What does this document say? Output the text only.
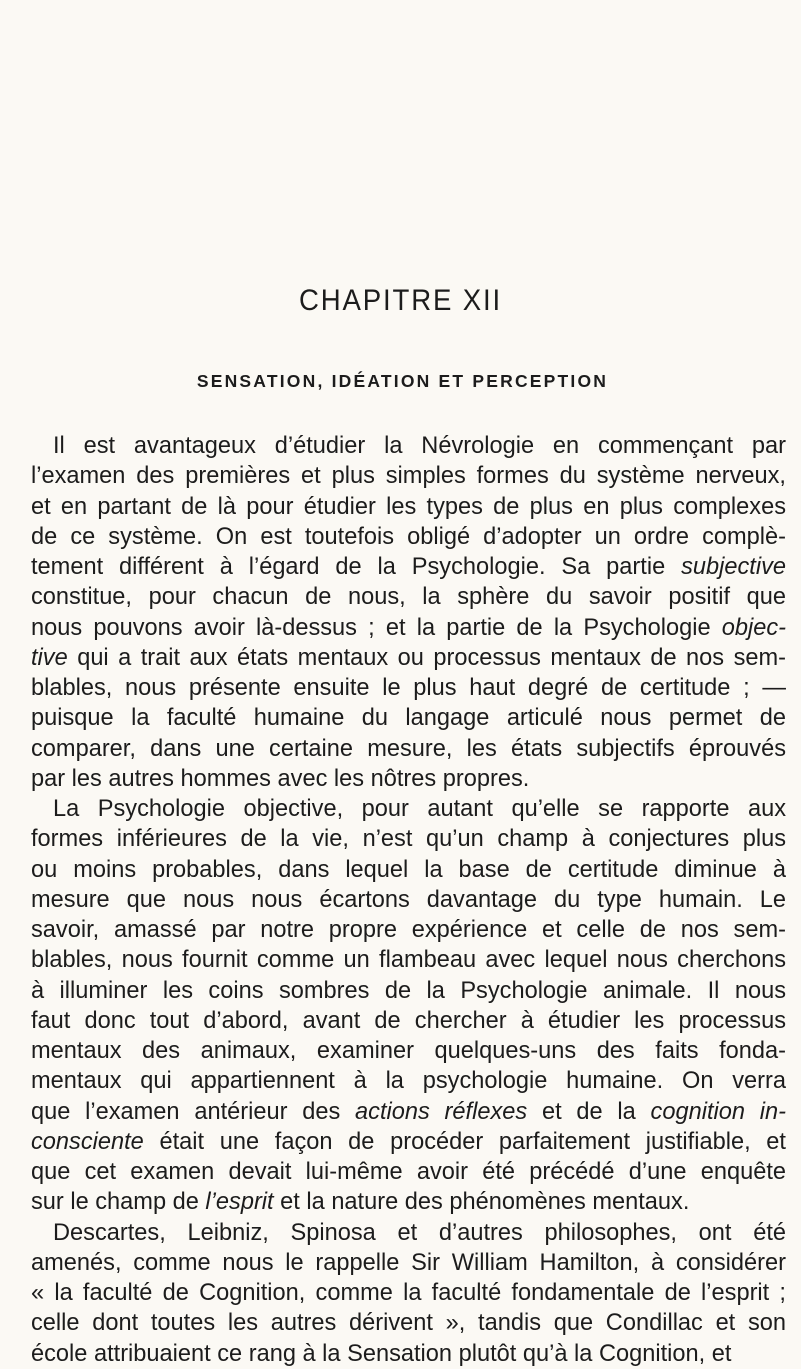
CHAPITRE XII
SENSATION, IDÉATION ET PERCEPTION
Il est avantageux d’étudier la Névrologie en commençant par
l’examen des premières et plus simples formes du système nerveux,
et en partant de là pour étudier les types de plus en plus complexes
de ce système. On est toutefois obligé d’adopter un ordre complè-
tement différent à l’égard de la Psychologie. Sa partie subjective
constitue, pour chacun de nous, la sphère du savoir positif que
nous pouvons avoir là-dessus ; et la partie de la Psychologie objec-
tive qui a trait aux états mentaux ou processus mentaux de nos sem-
blables, nous présente ensuite le plus haut degré de certitude ; —
puisque la faculté humaine du langage articulé nous permet de
comparer, dans une certaine mesure, les états subjectifs éprouvés
par les autres hommes avec les nôtres propres.
La Psychologie objective, pour autant qu’elle se rapporte aux
formes inférieures de la vie, n’est qu’un champ à conjectures plus
ou moins probables, dans lequel la base de certitude diminue à
mesure que nous nous écartons davantage du type humain. Le
savoir, amassé par notre propre expérience et celle de nos sem-
blables, nous fournit comme un flambeau avec lequel nous cherchons
à illuminer les coins sombres de la Psychologie animale. Il nous
faut donc tout d’abord, avant de chercher à étudier les processus
mentaux des animaux, examiner quelques-uns des faits fonda-
mentaux qui appartiennent à la psychologie humaine. On verra
que l’examen antérieur des actions réflexes et de la cognition in-
consciente était une façon de procéder parfaitement justifiable, et
que cet examen devait lui-même avoir été précédé d’une enquête
sur le champ de l’esprit et la nature des phénomènes mentaux.
Descartes, Leibniz, Spinosa et d’autres philosophes, ont été
amenés, comme nous le rappelle Sir William Hamilton, à considérer
« la faculté de Cognition, comme la faculté fondamentale de l’esprit ;
celle dont toutes les autres dérivent », tandis que Condillac et son
école attribuaient ce rang à la Sensation plutôt qu’à la Cognition, et
